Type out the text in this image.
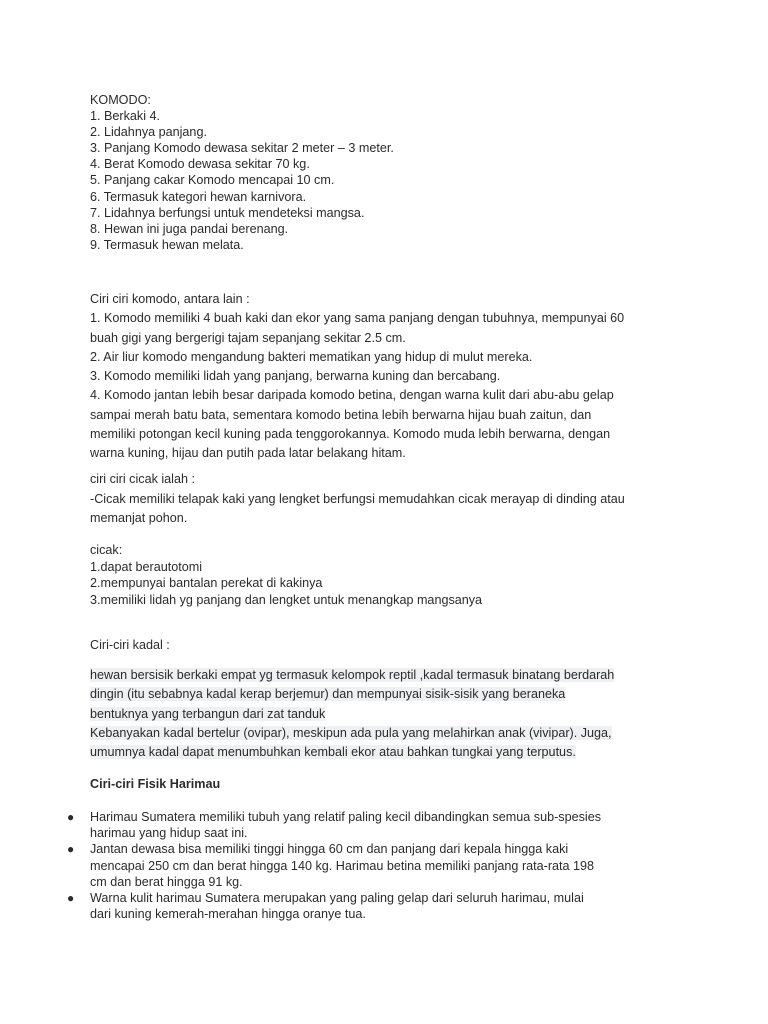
KOMODO:
1. Berkaki 4.
2. Lidahnya panjang.
3. Panjang Komodo dewasa sekitar 2 meter – 3 meter.
4. Berat Komodo dewasa sekitar 70 kg.
5. Panjang cakar Komodo mencapai 10 cm.
6. Termasuk kategori hewan karnivora.
7. Lidahnya berfungsi untuk mendeteksi mangsa.
8. Hewan ini juga pandai berenang.
9. Termasuk hewan melata.
Ciri ciri komodo, antara lain :
1. Komodo memiliki 4 buah kaki dan ekor yang sama panjang dengan tubuhnya, mempunyai 60
buah gigi yang bergerigi tajam sepanjang sekitar 2.5 cm.
2. Air liur komodo mengandung bakteri mematikan yang hidup di mulut mereka.
3. Komodo memiliki lidah yang panjang, berwarna kuning dan bercabang.
4. Komodo jantan lebih besar daripada komodo betina, dengan warna kulit dari abu-abu gelap
sampai merah batu bata, sementara komodo betina lebih berwarna hijau buah zaitun, dan
memiliki potongan kecil kuning pada tenggorokannya. Komodo muda lebih berwarna, dengan
warna kuning, hijau dan putih pada latar belakang hitam.
ciri ciri cicak ialah :
-Cicak memiliki telapak kaki yang lengket berfungsi memudahkan cicak merayap di dinding atau
memanjat pohon.
cicak:
1.dapat berautotomi
2.mempunyai bantalan perekat di kakinya
3.memiliki lidah yg panjang dan lengket untuk menangkap mangsanya
Ciri-ciri kadal :
hewan bersisik berkaki empat yg termasuk kelompok reptil ,kadal termasuk binatang berdarah
dingin (itu sebabnya kadal kerap berjemur) dan mempunyai sisik-sisik yang beraneka
bentuknya yang terbangun dari zat tanduk
Kebanyakan kadal bertelur (ovipar), meskipun ada pula yang melahirkan anak (vivipar). Juga,
umumnya kadal dapat menumbuhkan kembali ekor atau bahkan tungkai yang terputus.
Ciri-ciri Fisik Harimau
● Harimau Sumatera memiliki tubuh yang relatif paling kecil dibandingkan semua sub-spesies
harimau yang hidup saat ini.
● Jantan dewasa bisa memiliki tinggi hingga 60 cm dan panjang dari kepala hingga kaki
mencapai 250 cm dan berat hingga 140 kg. Harimau betina memiliki panjang rata-rata 198
cm dan berat hingga 91 kg.
● Warna kulit harimau Sumatera merupakan yang paling gelap dari seluruh harimau, mulai
dari kuning kemerah-merahan hingga oranye tua.
